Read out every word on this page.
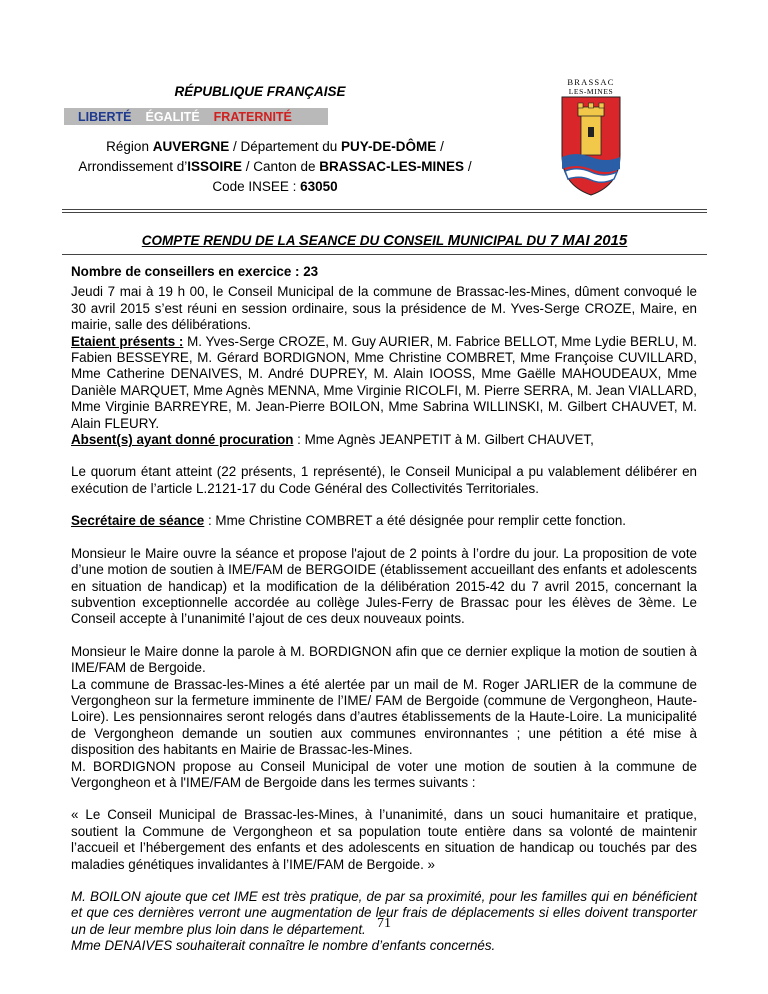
RÉPUBLIQUE FRANÇAISE
LIBERTÉ ÉGALITÉ FRATERNITÉ
Région AUVERGNE / Département du PUY-DE-DÔME /
Arrondissement d’ISSOIRE / Canton de BRASSAC-LES-MINES /
Code INSEE : 63050
BRASSAC
LES-MINES
COMPTE RENDU DE LA SEANCE DU CONSEIL MUNICIPAL DU 7 MAI 2015

Nombre de conseillers en exercice : 23

Jeudi 7 mai à 19 h 00, le Conseil Municipal de la commune de Brassac-les-Mines, dûment convoqué le 30 avril 2015 s’est réuni en session ordinaire, sous la présidence de M. Yves-Serge CROZE, Maire, en mairie, salle des délibérations.

Etaient présents : M. Yves-Serge CROZE, M. Guy AURIER, M. Fabrice BELLOT, Mme Lydie BERLU, M. Fabien BESSEYRE, M. Gérard BORDIGNON, Mme Christine COMBRET, Mme Françoise CUVILLARD, Mme Catherine DENAIVES, M. André DUPREY, M. Alain IOOSS, Mme Gaëlle MAHOUDEAUX, Mme Danièle MARQUET, Mme Agnès MENNA, Mme Virginie RICOLFI, M. Pierre SERRA, M. Jean VIALLARD, Mme Virginie BARREYRE, M. Jean-Pierre BOILON, Mme Sabrina WILLINSKI, M. Gilbert CHAUVET, M. Alain FLEURY.

Absent(s) ayant donné procuration : Mme Agnès JEANPETIT à M. Gilbert CHAUVET,

Le quorum étant atteint (22 présents, 1 représenté), le Conseil Municipal a pu valablement délibérer en exécution de l’article L.2121-17 du Code Général des Collectivités Territoriales.

Secrétaire de séance : Mme Christine COMBRET a été désignée pour remplir cette fonction.

Monsieur le Maire ouvre la séance et propose l'ajout de 2 points à l’ordre du jour. La proposition de vote d’une motion de soutien à IME/FAM de BERGOIDE (établissement accueillant des enfants et adolescents en situation de handicap) et la modification de la délibération 2015-42 du 7 avril 2015, concernant la subvention exceptionnelle accordée au collège Jules-Ferry de Brassac pour les élèves de 3ème. Le Conseil accepte à l’unanimité l’ajout de ces deux nouveaux points.

Monsieur le Maire donne la parole à M. BORDIGNON afin que ce dernier explique la motion de soutien à IME/FAM de Bergoide.

La commune de Brassac-les-Mines a été alertée par un mail de M. Roger JARLIER de la commune de Vergongheon sur la fermeture imminente de l’IME/ FAM de Bergoide (commune de Vergongheon, Haute-Loire). Les pensionnaires seront relogés dans d’autres établissements de la Haute-Loire. La municipalité de Vergongheon demande un soutien aux communes environnantes ; une pétition a été mise à disposition des habitants en Mairie de Brassac-les-Mines.

M. BORDIGNON propose au Conseil Municipal de voter une motion de soutien à la commune de Vergongheon et à l'IME/FAM de Bergoide dans les termes suivants :

« Le Conseil Municipal de Brassac-les-Mines, à l’unanimité, dans un souci humanitaire et pratique, soutient la Commune de Vergongheon et sa population toute entière dans sa volonté de maintenir l’accueil et l’hébergement des enfants et des adolescents en situation de handicap ou touchés par des maladies génétiques invalidantes à l’IME/FAM de Bergoide. »

M. BOILON ajoute que cet IME est très pratique, de par sa proximité, pour les familles qui en bénéficient et que ces dernières verront une augmentation de leur frais de déplacements si elles doivent transporter un de leur membre plus loin dans le département.

Mme DENAIVES souhaiterait connaître le nombre d’enfants concernés.

71
